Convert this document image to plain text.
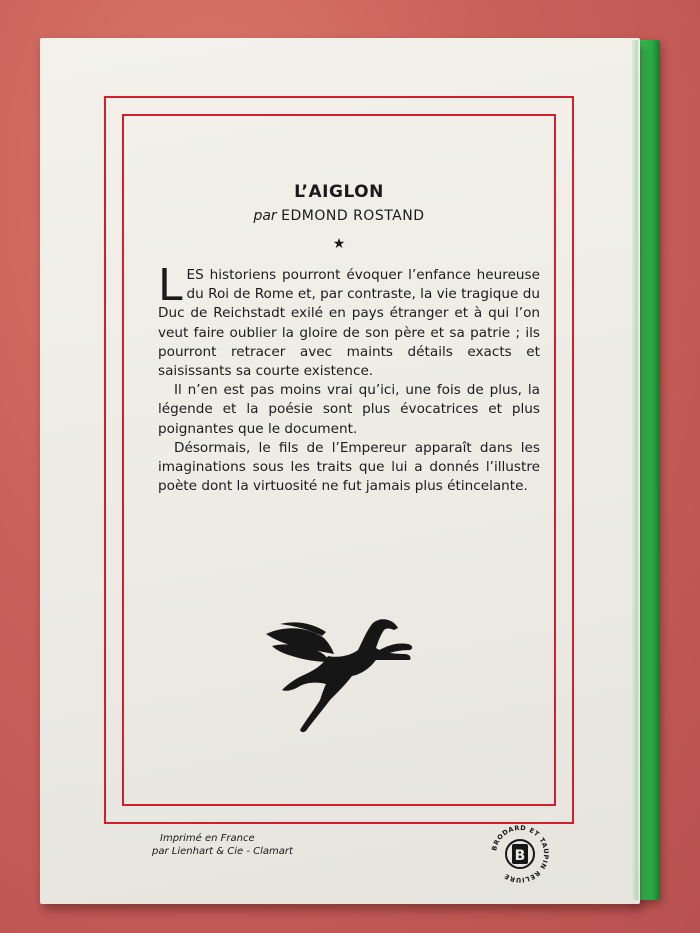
L’AIGLON
par EDMOND ROSTAND
★

LES historiens pourront évoquer l’enfance heureuse du Roi de Rome et, par contraste, la vie tragique du Duc de Reichstadt exilé en pays étranger et à qui l’on veut faire oublier la gloire de son père et sa patrie ; ils pourront retracer avec maints détails exacts et saisissants sa courte existence.

Il n’en est pas moins vrai qu’ici, une fois de plus, la légende et la poésie sont plus évocatrices et plus poignantes que le document.

Désormais, le fils de l’Empereur apparaît dans les imaginations sous les traits que lui a donnés l’illustre poète dont la virtuosité ne fut jamais plus étincelante.

Imprimé en France
par Lienhart & Cie - Clamart	B
BRODARD ET TAUPIN RELIURE
